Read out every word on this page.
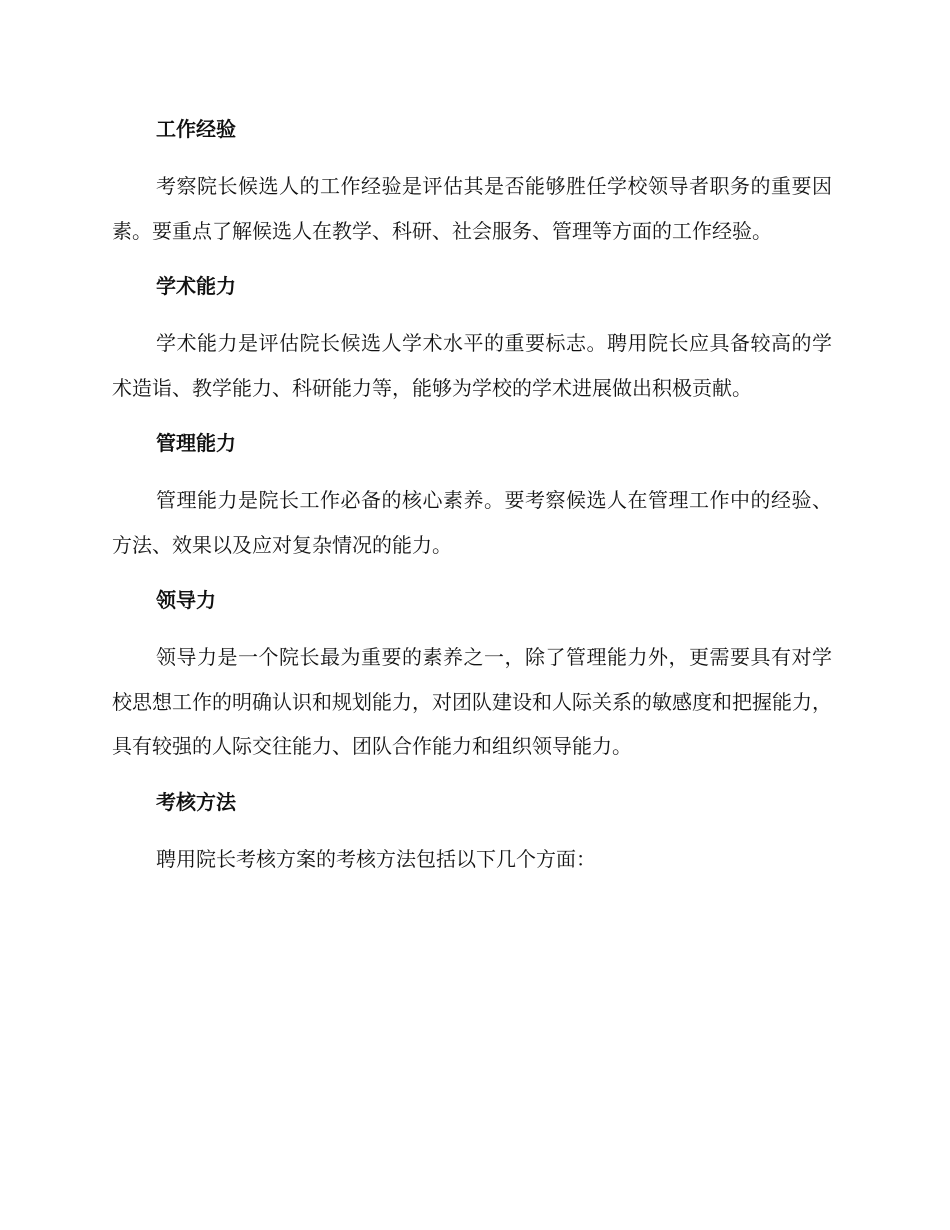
工作经验

考察院长候选人的工作经验是评估其是否能够胜任学校领导者职务的重要因素。要重点了解候选人在教学、科研、社会服务、管理等方面的工作经验。

学术能力

学术能力是评估院长候选人学术水平的重要标志。聘用院长应具备较高的学术造诣、教学能力、科研能力等，能够为学校的学术进展做出积极贡献。

管理能力

管理能力是院长工作必备的核心素养。要考察候选人在管理工作中的经验、方法、效果以及应对复杂情况的能力。

领导力

领导力是一个院长最为重要的素养之一，除了管理能力外，更需要具有对学校思想工作的明确认识和规划能力，对团队建设和人际关系的敏感度和把握能力，具有较强的人际交往能力、团队合作能力和组织领导能力。

考核方法

聘用院长考核方案的考核方法包括以下几个方面：
